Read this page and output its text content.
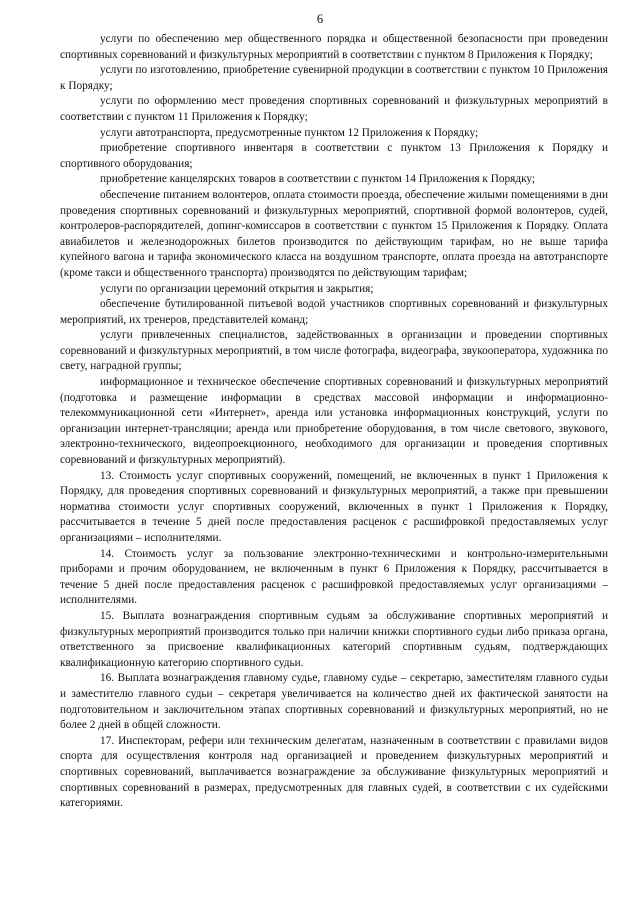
6

услуги по обеспечению мер общественного порядка и общественной безопасности при проведении спортивных соревнований и физкультурных мероприятий в соответствии с пунктом 8 Приложения к Порядку;

услуги по изготовлению, приобретение сувенирной продукции в соответствии с пунктом 10 Приложения к Порядку;

услуги по оформлению мест проведения спортивных соревнований и физкультурных мероприятий в соответствии с пунктом 11 Приложения к Порядку;

услуги автотранспорта, предусмотренные пунктом 12 Приложения к Порядку;

приобретение спортивного инвентаря в соответствии с пунктом 13 Приложения к Порядку и спортивного оборудования;

приобретение канцелярских товаров в соответствии с пунктом 14 Приложения к Порядку;

обеспечение питанием волонтеров, оплата стоимости проезда, обеспечение жилыми помещениями в дни проведения спортивных соревнований и физкультурных мероприятий, спортивной формой волонтеров, судей, контролеров-распорядителей, допинг-комиссаров в соответствии с пунктом 15 Приложения к Порядку. Оплата авиабилетов и железнодорожных билетов производится по действующим тарифам, но не выше тарифа купейного вагона и тарифа экономического класса на воздушном транспорте, оплата проезда на автотранспорте (кроме такси и общественного транспорта) производятся по действующим тарифам;

услуги по организации церемоний открытия и закрытия;

обеспечение бутилированной питьевой водой участников спортивных соревнований и физкультурных мероприятий, их тренеров, представителей команд;

услуги привлеченных специалистов, задействованных в организации и проведении спортивных соревнований и физкультурных мероприятий, в том числе фотографа, видеографа, звукооператора, художника по свету, наградной группы;

информационное и техническое обеспечение спортивных соревнований и физкультурных мероприятий (подготовка и размещение информации в средствах массовой информации и информационно-телекоммуникационной сети «Интернет», аренда или установка информационных конструкций, услуги по организации интернет-трансляции; аренда или приобретение оборудования, в том числе светового, звукового, электронно-технического, видеопроекционного, необходимого для организации и проведения спортивных соревнований и физкультурных мероприятий).

13. Стоимость услуг спортивных сооружений, помещений, не включенных в пункт 1 Приложения к Порядку, для проведения спортивных соревнований и физкультурных мероприятий, а также при превышении норматива стоимости услуг спортивных сооружений, включенных в пункт 1 Приложения к Порядку, рассчитывается в течение 5 дней после предоставления расценок с расшифровкой предоставляемых услуг организациями – исполнителями.

14. Стоимость услуг за пользование электронно-техническими и контрольно-измерительными приборами и прочим оборудованием, не включенным в пункт 6 Приложения к Порядку, рассчитывается в течение 5 дней после предоставления расценок с расшифровкой предоставляемых услуг организациями – исполнителями.

15. Выплата вознаграждения спортивным судьям за обслуживание спортивных мероприятий и физкультурных мероприятий производится только при наличии книжки спортивного судьи либо приказа органа, ответственного за присвоение квалификационных категорий спортивным судьям, подтверждающих квалификационную категорию спортивного судьи.

16. Выплата вознаграждения главному судье, главному судье – секретарю, заместителям главного судьи и заместителю главного судьи – секретаря увеличивается на количество дней их фактической занятости на подготовительном и заключительном этапах спортивных соревнований и физкультурных мероприятий, но не более 2 дней в общей сложности.

17. Инспекторам, рефери или техническим делегатам, назначенным в соответствии с правилами видов спорта для осуществления контроля над организацией и проведением физкультурных мероприятий и спортивных соревнований, выплачивается вознаграждение за обслуживание физкультурных мероприятий и спортивных соревнований в размерах, предусмотренных для главных судей, в соответствии с их судейскими категориями.
